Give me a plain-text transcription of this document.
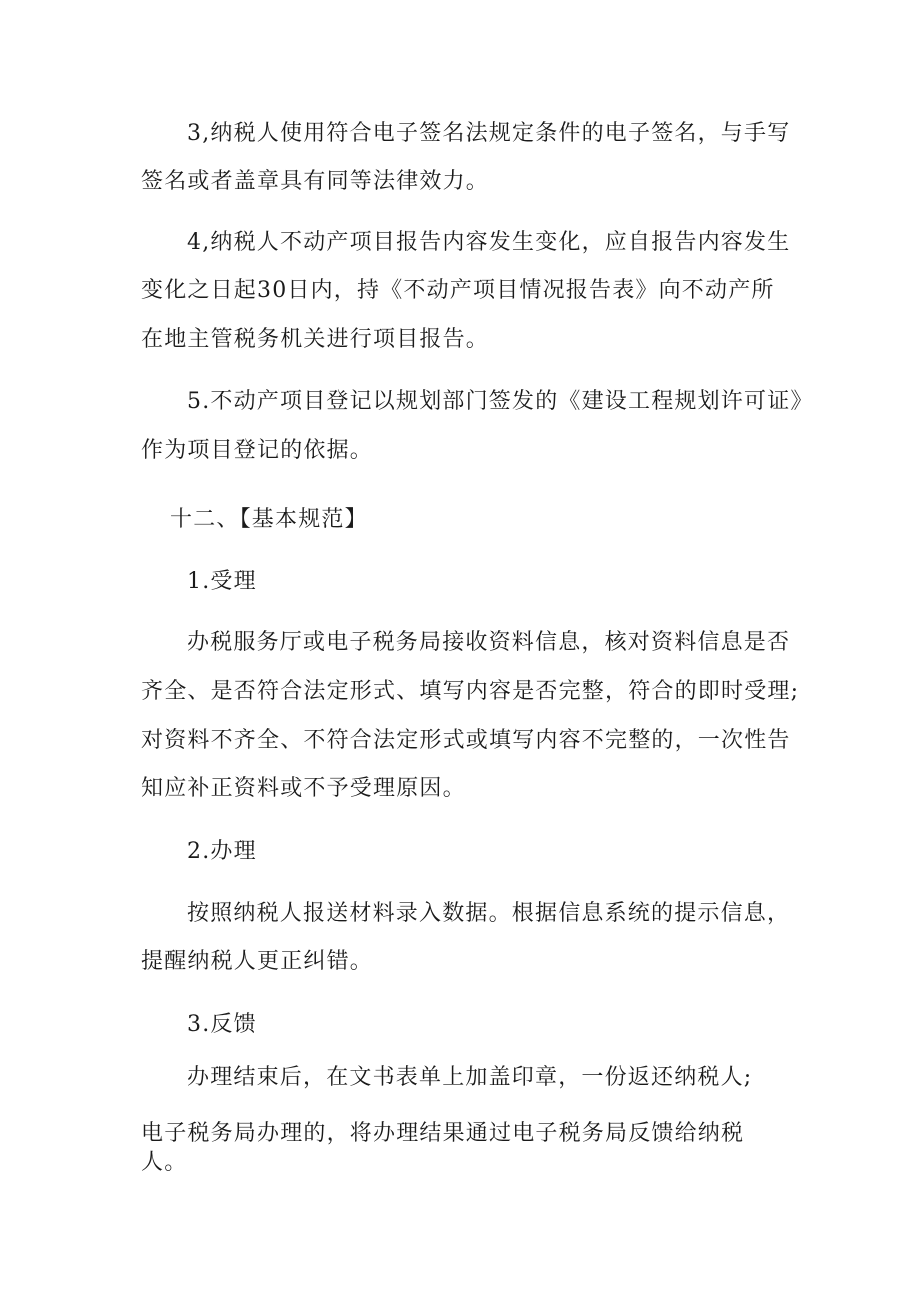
3,纳税人使用符合电子签名法规定条件的电子签名，与手写
签名或者盖章具有同等法律效力。
4,纳税人不动产项目报告内容发生变化，应自报告内容发生
变化之日起30日内，持《不动产项目情况报告表》向不动产所
在地主管税务机关进行项目报告。
5.不动产项目登记以规划部门签发的《建设工程规划许可证》
作为项目登记的依据。
十二、【基本规范】
1.受理
办税服务厅或电子税务局接收资料信息，核对资料信息是否
齐全、是否符合法定形式、填写内容是否完整，符合的即时受理;
对资料不齐全、不符合法定形式或填写内容不完整的，一次性告
知应补正资料或不予受理原因。
2.办理
按照纳税人报送材料录入数据。根据信息系统的提示信息，
提醒纳税人更正纠错。
3.反馈
办理结束后，在文书表单上加盖印章，一份返还纳税人;
电子税务局办理的，将办理结果通过电子税务局反馈给纳税
人。
